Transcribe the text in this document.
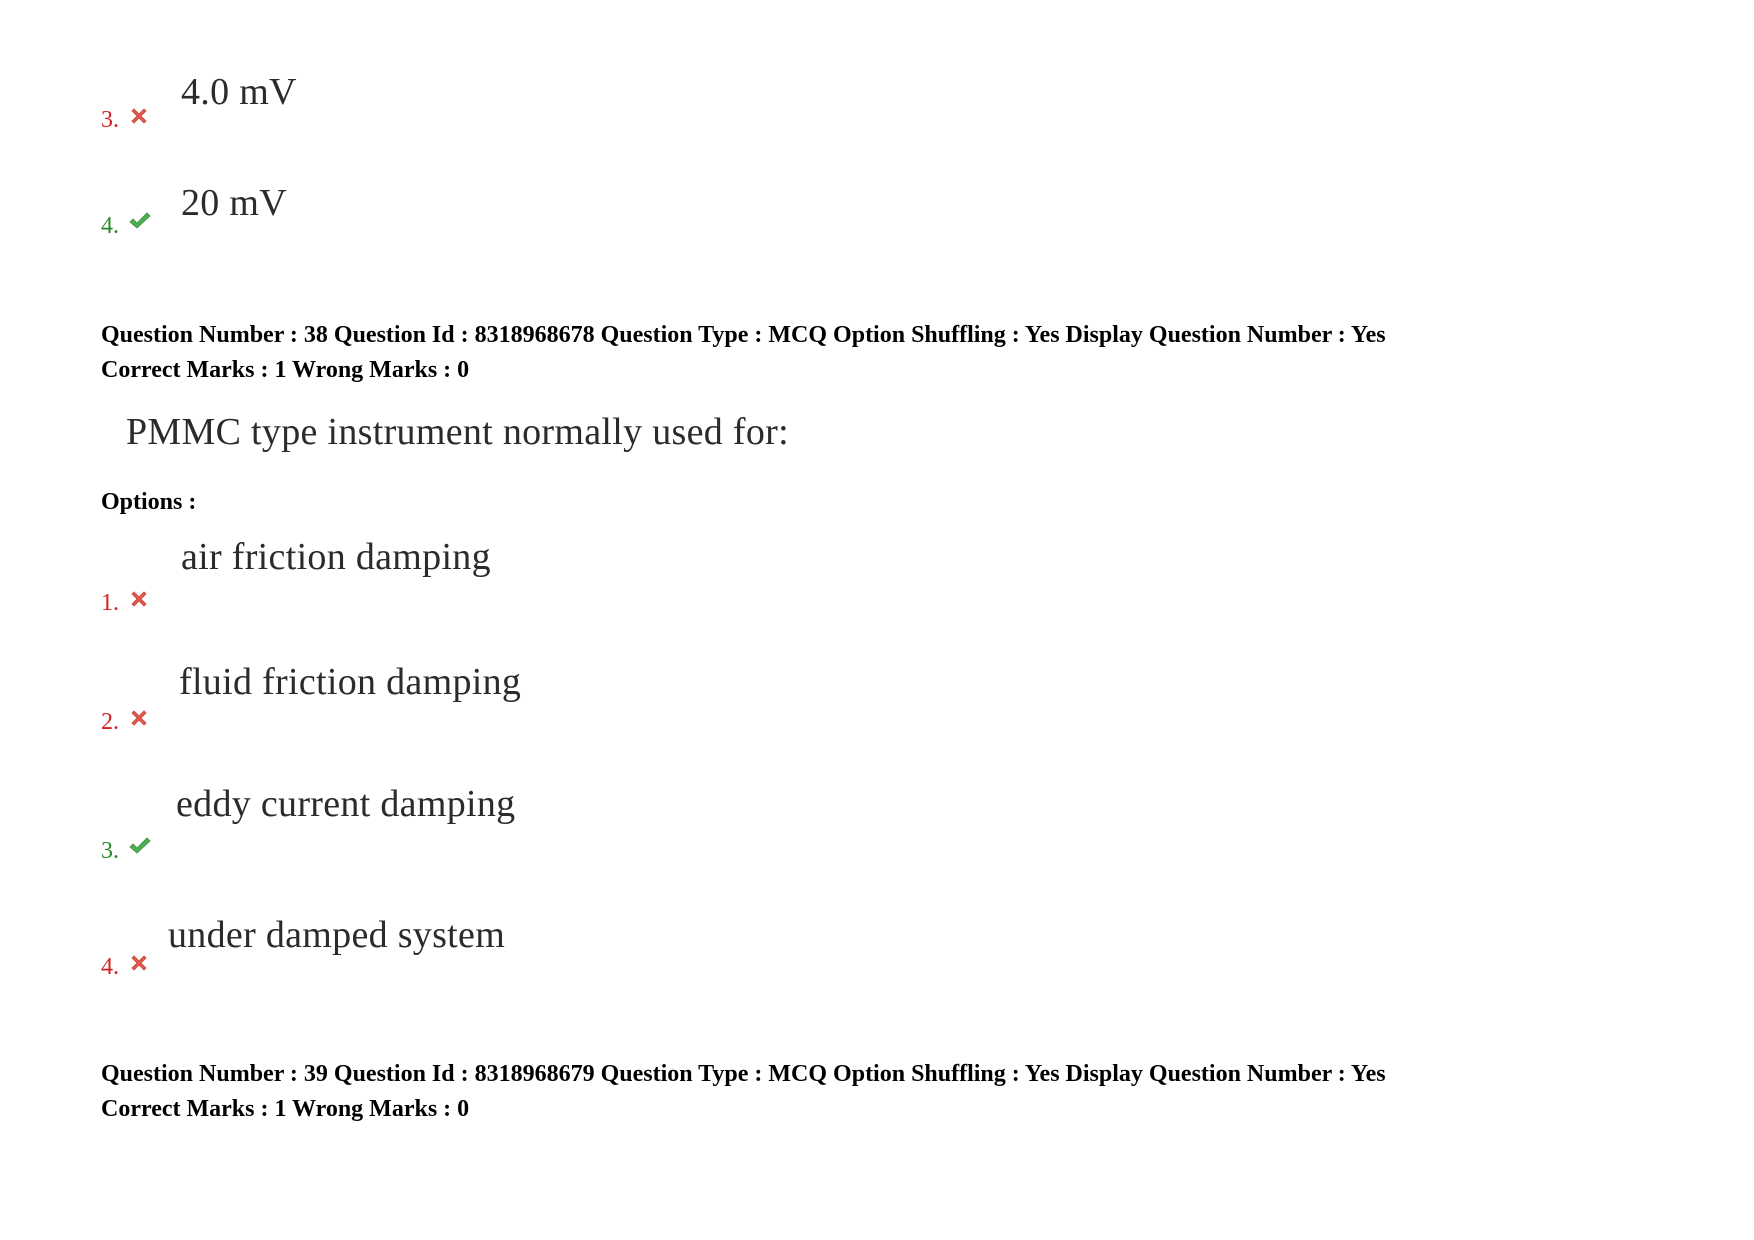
3.
4.0 mV
4.
20 mV
Question Number : 38 Question Id : 8318968678 Question Type : MCQ Option Shuffling : Yes Display Question Number : Yes
Correct Marks : 1 Wrong Marks : 0
PMMC type instrument normally used for:
Options :
1.
air friction damping
2.
fluid friction damping
3.
eddy current damping
4.
under damped system
Question Number : 39 Question Id : 8318968679 Question Type : MCQ Option Shuffling : Yes Display Question Number : Yes
Correct Marks : 1 Wrong Marks : 0
